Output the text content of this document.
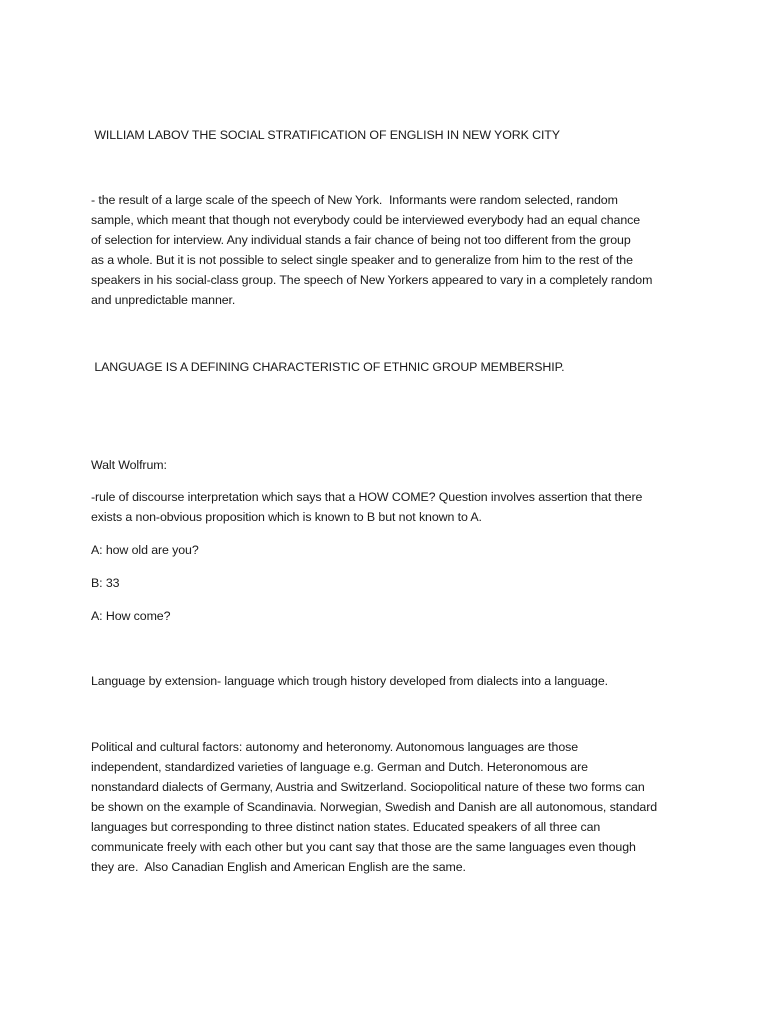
WILLIAM LABOV THE SOCIAL STRATIFICATION OF ENGLISH IN NEW YORK CITY

- the result of a large scale of the speech of New York.  Informants were random selected, random

sample, which meant that though not everybody could be interviewed everybody had an equal chance

of selection for interview. Any individual stands a fair chance of being not too different from the group

as a whole. But it is not possible to select single speaker and to generalize from him to the rest of the

speakers in his social-class group. The speech of New Yorkers appeared to vary in a completely random

and unpredictable manner.

LANGUAGE IS A DEFINING CHARACTERISTIC OF ETHNIC GROUP MEMBERSHIP.

Walt Wolfrum:

-rule of discourse interpretation which says that a HOW COME? Question involves assertion that there

exists a non-obvious proposition which is known to B but not known to A.

A: how old are you?

B: 33

A: How come?

Language by extension- language which trough history developed from dialects into a language.

Political and cultural factors: autonomy and heteronomy. Autonomous languages are those

independent, standardized varieties of language e.g. German and Dutch. Heteronomous are

nonstandard dialects of Germany, Austria and Switzerland. Sociopolitical nature of these two forms can

be shown on the example of Scandinavia. Norwegian, Swedish and Danish are all autonomous, standard

languages but corresponding to three distinct nation states. Educated speakers of all three can

communicate freely with each other but you cant say that those are the same languages even though

they are.  Also Canadian English and American English are the same.
